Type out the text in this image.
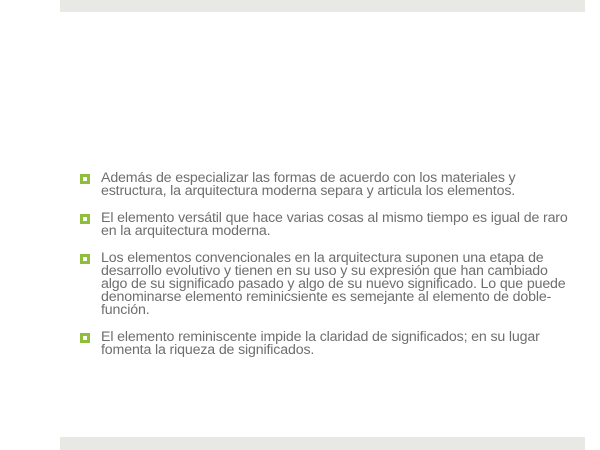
Además de especializar las formas de acuerdo con los materiales y estructura, la arquitectura moderna separa y articula los elementos.
El elemento versátil que hace varias cosas al mismo tiempo es igual de raro en la arquitectura moderna.
Los elementos convencionales en la arquitectura suponen una etapa de desarrollo evolutivo y tienen en su uso y su expresión que han cambiado algo de su significado pasado y algo de su nuevo significado. Lo que puede denominarse elemento reminicsiente es semejante al elemento de doble-función.
El elemento reminiscente impide la claridad de significados; en su lugar fomenta la riqueza de significados.
